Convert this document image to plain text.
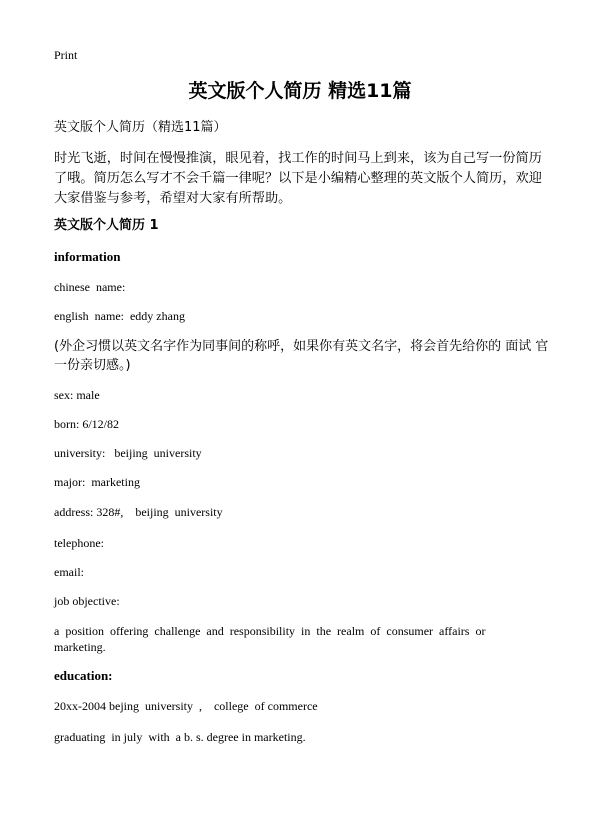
Print

英文版个人简历 精选11篇

英文版个人简历（精选11篇）

时光飞逝，时间在慢慢推演，眼见着，找工作的时间马上到来，该为自己写一份简历了哦。简历怎么写才不会千篇一律呢？以下是小编精心整理的英文版个人简历，欢迎大家借鉴与参考，希望对大家有所帮助。

英文版个人简历 1
information

chinese  name:

english  name:  eddy zhang

(外企习惯以英文名字作为同事间的称呼，如果你有英文名字，将会首先给你的 面试 官一份亲切感。)

sex: male

born: 6/12/82

university:   beijing  university

major:  marketing

address: 328#,    beijing  university

telephone:

email:

job objective:

a position offering challenge and responsibility in the realm of consumer affairs or marketing.

education:

20xx-2004 bejing  university  ,    college  of commerce

graduating  in july  with  a b. s. degree in marketing.
